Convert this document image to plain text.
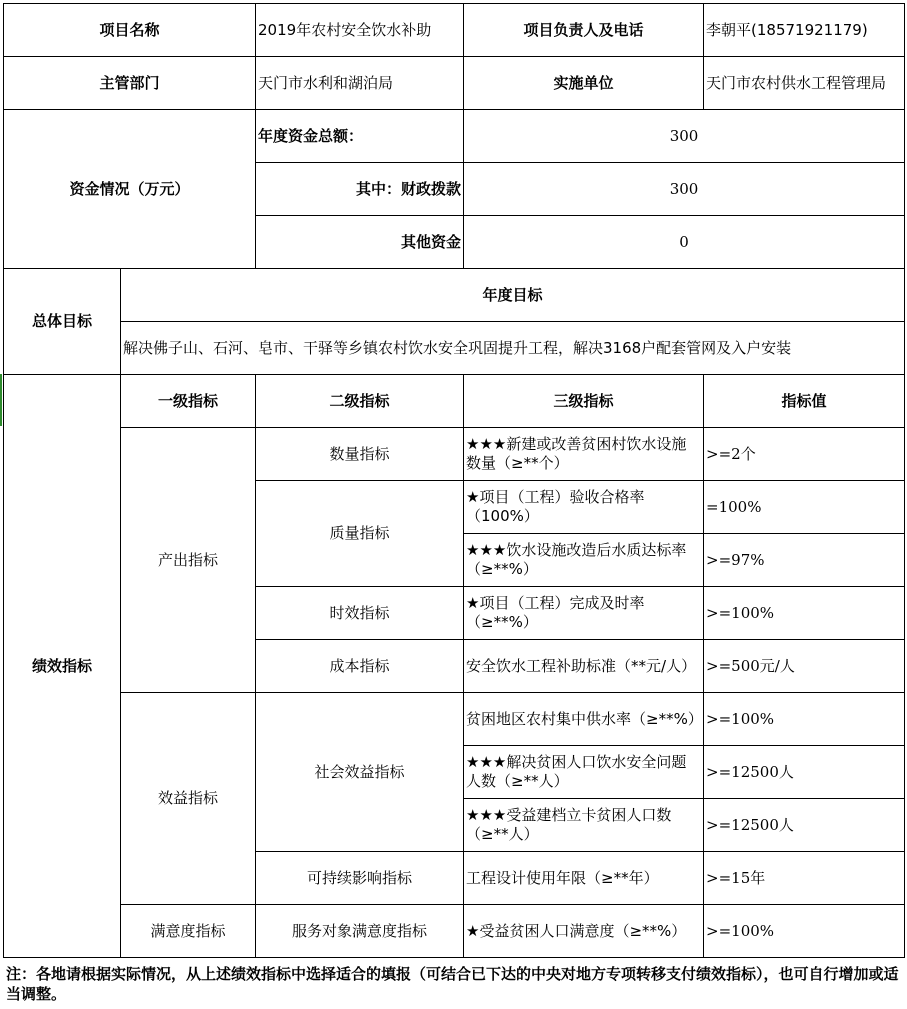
项目名称		2019年农村安全饮水补助	项目负责人及电话	李朝平(18571921179)
主管部门		天门市水利和湖泊局	实施单位	天门市农村供水工程管理局
资金情况（万元）		年度资金总额：	300	
		其中：财政拨款	300	
		其他资金	0	
总体目标	年度目标			
	解决佛子山、石河、皂市、干驿等乡镇农村饮水安全巩固提升工程，解决3168户配套管网及入户安装			
绩效指标	一级指标	二级指标	三级指标	指标值
	产出指标	数量指标	★★★新建或改善贫困村饮水设施数量（≥**个）	>=2个
		质量指标	★项目（工程）验收合格率（100%）	=100%
			★★★饮水设施改造后水质达标率（≥**%）	>=97%
		时效指标	★项目（工程）完成及时率（≥**%）	>=100%
		成本指标	安全饮水工程补助标准（**元/人）	>=500元/人
	效益指标	社会效益指标	贫困地区农村集中供水率（≥**%）	>=100%
			★★★解决贫困人口饮水安全问题人数（≥**人）	>=12500人
			★★★受益建档立卡贫困人口数（≥**人）	>=12500人
		可持续影响指标	工程设计使用年限（≥**年）	>=15年
	满意度指标	服务对象满意度指标	★受益贫困人口满意度（≥**%）	>=100%
注：各地请根据实际情况，从上述绩效指标中选择适合的填报（可结合已下达的中央对地方专项转移支付绩效指标），也可自行增加或适当调整。
